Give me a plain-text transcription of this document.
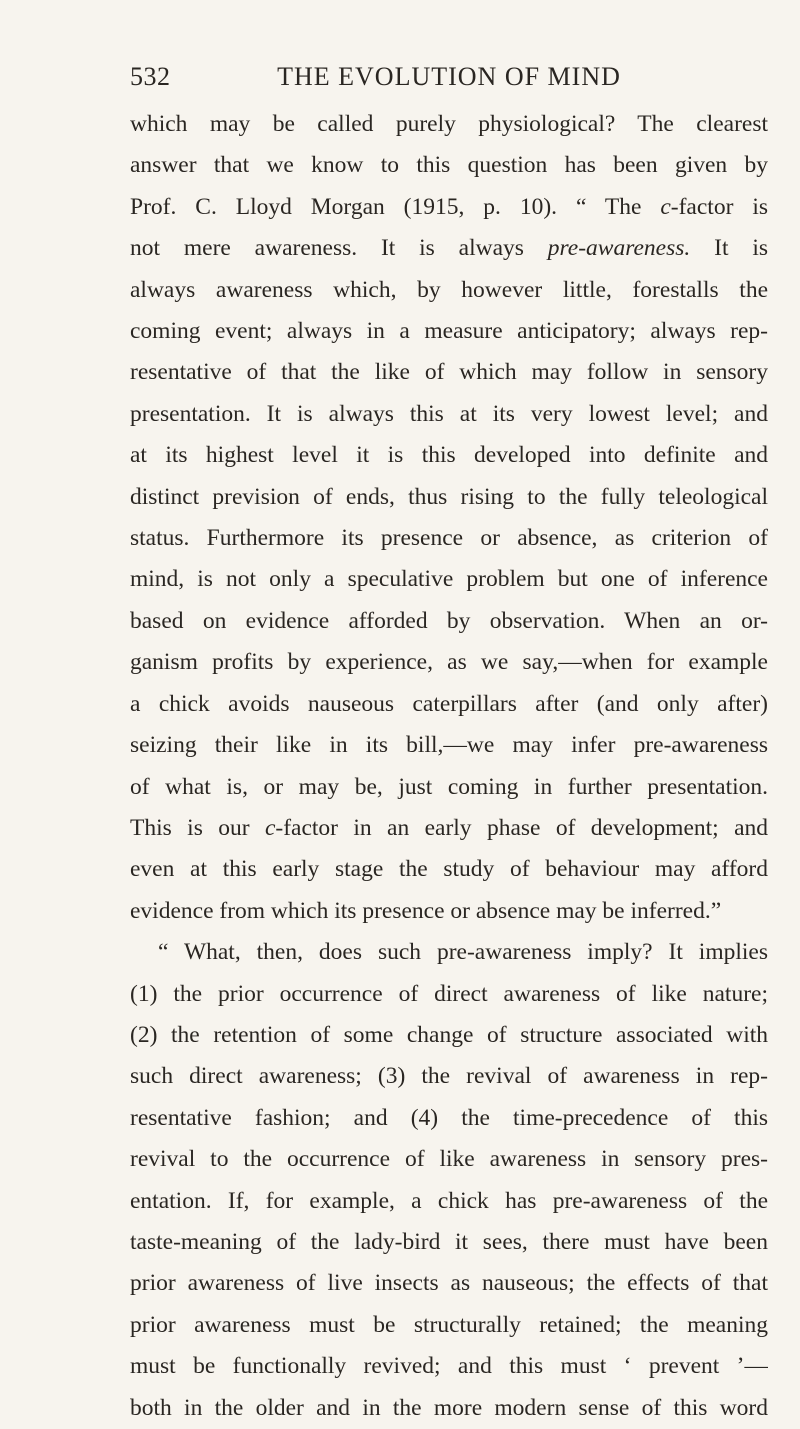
532	THE EVOLUTION OF MIND
which may be called purely physiological? The clearest
answer that we know to this question has been given by
Prof. C. Lloyd Morgan (1915, p. 10). “ The c-factor is
not mere awareness. It is always pre-awareness. It is
always awareness which, by however little, forestalls the
coming event; always in a measure anticipatory; always rep-
resentative of that the like of which may follow in sensory
presentation. It is always this at its very lowest level; and
at its highest level it is this developed into definite and
distinct prevision of ends, thus rising to the fully teleological
status. Furthermore its presence or absence, as criterion of
mind, is not only a speculative problem but one of inference
based on evidence afforded by observation. When an or-
ganism profits by experience, as we say,—when for example
a chick avoids nauseous caterpillars after (and only after)
seizing their like in its bill,—we may infer pre-awareness
of what is, or may be, just coming in further presentation.
This is our c-factor in an early phase of development; and
even at this early stage the study of behaviour may afford
evidence from which its presence or absence may be inferred.”
“ What, then, does such pre-awareness imply? It implies
(1) the prior occurrence of direct awareness of like nature;
(2) the retention of some change of structure associated with
such direct awareness; (3) the revival of awareness in rep-
resentative fashion; and (4) the time-precedence of this
revival to the occurrence of like awareness in sensory pres-
entation. If, for example, a chick has pre-awareness of the
taste-meaning of the lady-bird it sees, there must have been
prior awareness of live insects as nauseous; the effects of that
prior awareness must be structurally retained; the meaning
must be functionally revived; and this must ‘ prevent ’—
both in the older and in the more modern sense of this word
